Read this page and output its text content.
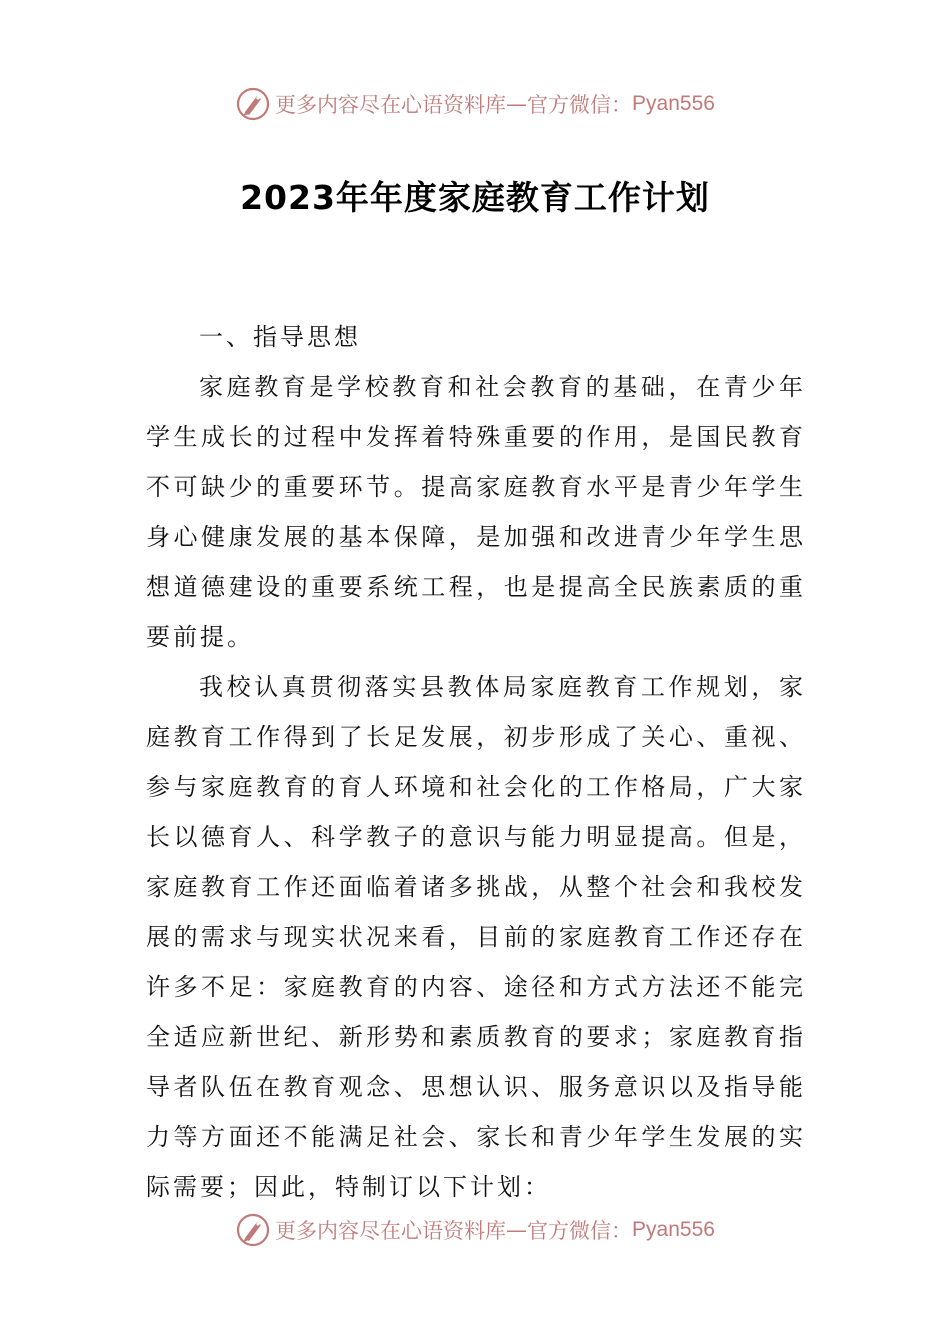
更多内容尽在心语资料库 — 官方微信： Pyan556
2023年年度家庭教育工作计划

一、指导思想

家庭教育是学校教育和社会教育的基础，在青少年学生成长的过程中发挥着特殊重要的作用，是国民教育不可缺少的重要环节。提高家庭教育水平是青少年学生身心健康发展的基本保障，是加强和改进青少年学生思想道德建设的重要系统工程，也是提高全民族素质的重要前提。

我校认真贯彻落实县教体局家庭教育工作规划，家庭教育工作得到了长足发展，初步形成了关心、重视、参与家庭教育的育人环境和社会化的工作格局，广大家长以德育人、科学教子的意识与能力明显提高。但是，家庭教育工作还面临着诸多挑战，从整个社会和我校发展的需求与现实状况来看，目前的家庭教育工作还存在许多不足：家庭教育的内容、途径和方式方法还不能完全适应新世纪、新形势和素质教育的要求；家庭教育指导者队伍在教育观念、思想认识、服务意识以及指导能力等方面还不能满足社会、家长和青少年学生发展的实际需要；因此，特制订以下计划：

更多内容尽在心语资料库 — 官方微信： Pyan556
